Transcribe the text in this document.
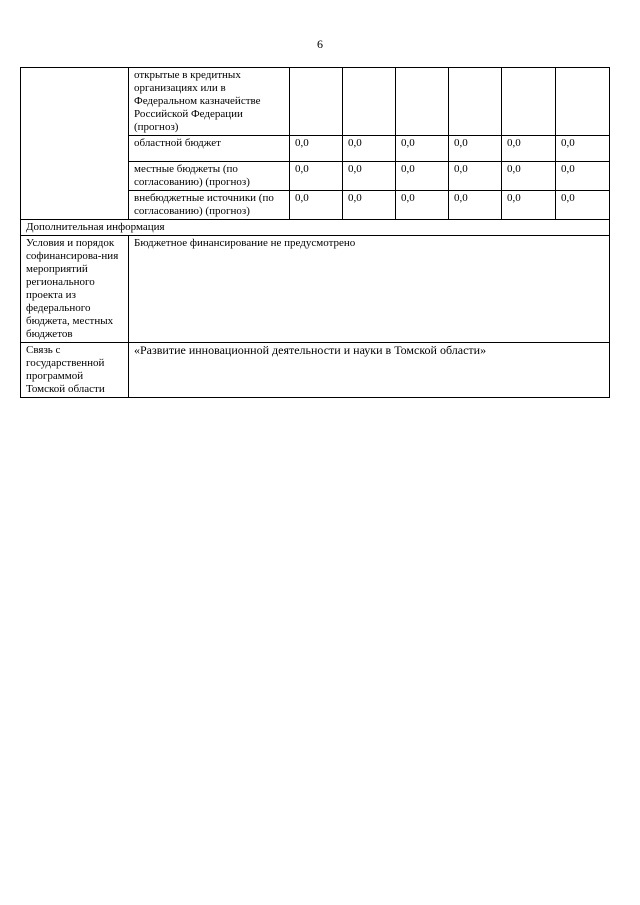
6
	открытые в кредитных организациях или в Федеральном казначействе Российской Федерации (прогноз)						
	областной бюджет	0,0	0,0	0,0	0,0	0,0	0,0
	местные бюджеты (по согласованию) (прогноз)	0,0	0,0	0,0	0,0	0,0	0,0
	внебюджетные источники (по согласованию) (прогноз)	0,0	0,0	0,0	0,0	0,0	0,0
Дополнительная информация							
Условия и порядок софинансирова-ния мероприятий регионального проекта из федерального бюджета, местных бюджетов	Бюджетное финансирование не предусмотрено						
Связь с государственной программой Томской области	«Развитие инновационной деятельности и науки в Томской области»						
